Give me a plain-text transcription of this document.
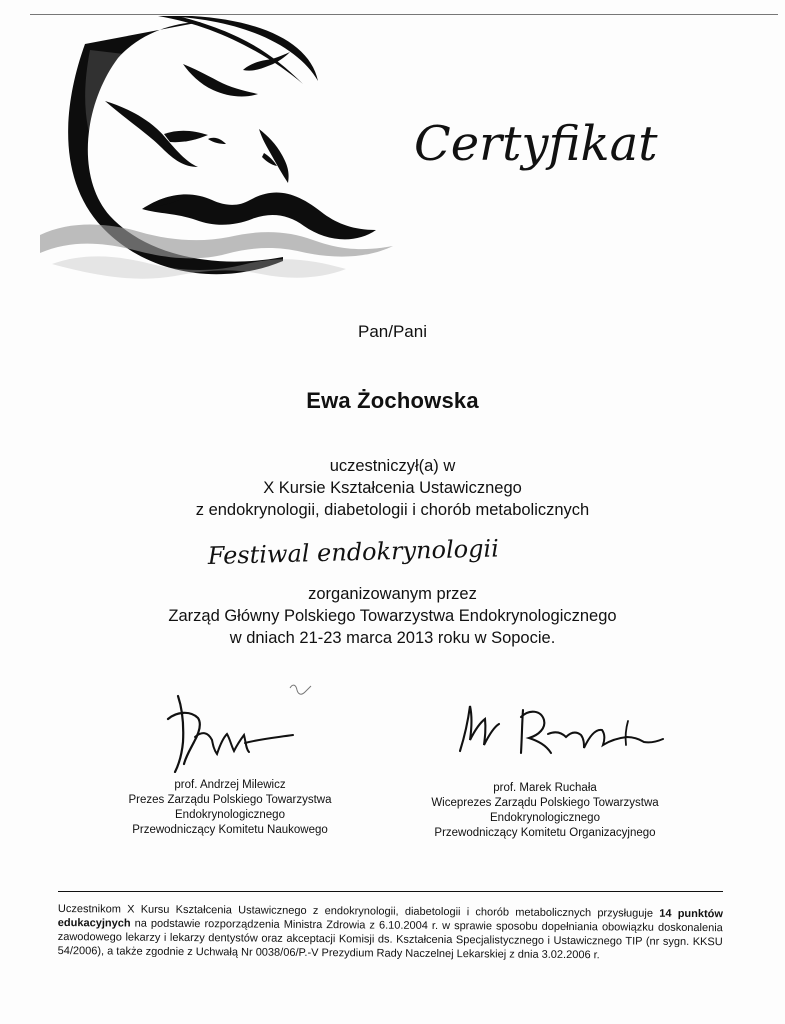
Certyfikat
Pan/Pani
Ewa Żochowska
uczestniczył(a) w
X Kursie Kształcenia Ustawicznego
z endokrynologii, diabetologii i chorób metabolicznych
Festiwal endokrynologii
zorganizowanym przez
Zarząd Główny Polskiego Towarzystwa Endokrynologicznego
w dniach 21-23 marca 2013 roku w Sopocie.
prof. Andrzej Milewicz
Prezes Zarządu Polskiego Towarzystwa
Endokrynologicznego
Przewodniczący Komitetu Naukowego
prof. Marek Ruchała
Wiceprezes Zarządu Polskiego Towarzystwa
Endokrynologicznego
Przewodniczący Komitetu Organizacyjnego
Uczestnikom X Kursu Kształcenia Ustawicznego z endokrynologii, diabetologii i chorób metabolicznych przysługuje 14 punktów edukacyjnych na podstawie rozporządzenia Ministra Zdrowia z 6.10.2004 r. w sprawie sposobu dopełniania obowiązku doskonalenia zawodowego lekarzy i lekarzy dentystów oraz akceptacji Komisji ds. Kształcenia Specjalistycznego i Ustawicznego TIP (nr sygn. KKSU 54/2006), a także zgodnie z Uchwałą Nr 0038/06/P.-V Prezydium Rady Naczelnej Lekarskiej z dnia 3.02.2006 r.
